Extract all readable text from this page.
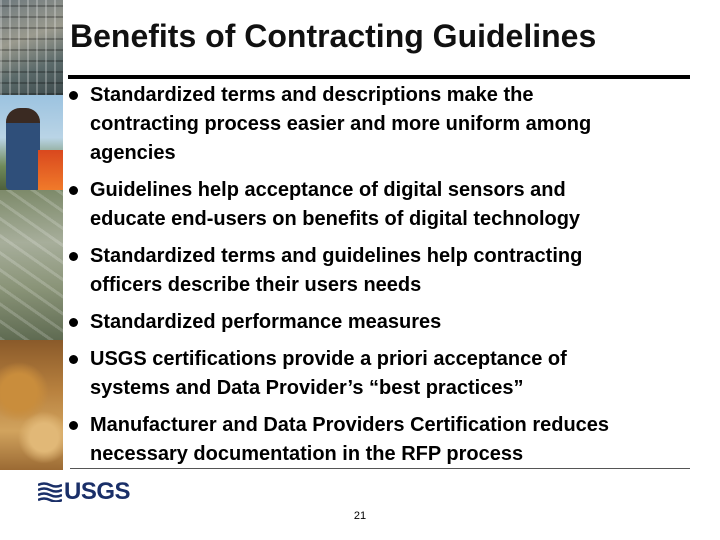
Benefits of Contracting Guidelines
Standardized terms and descriptions make the
contracting process easier and more uniform among
agencies
Guidelines help acceptance of digital sensors and
educate end-users on benefits of digital technology
Standardized terms and guidelines help contracting
officers describe their users needs
Standardized performance measures
USGS certifications provide a priori acceptance of
systems and Data Provider’s “best practices”
Manufacturer and Data Providers Certification reduces
necessary documentation in the RFP process
USGS
21
